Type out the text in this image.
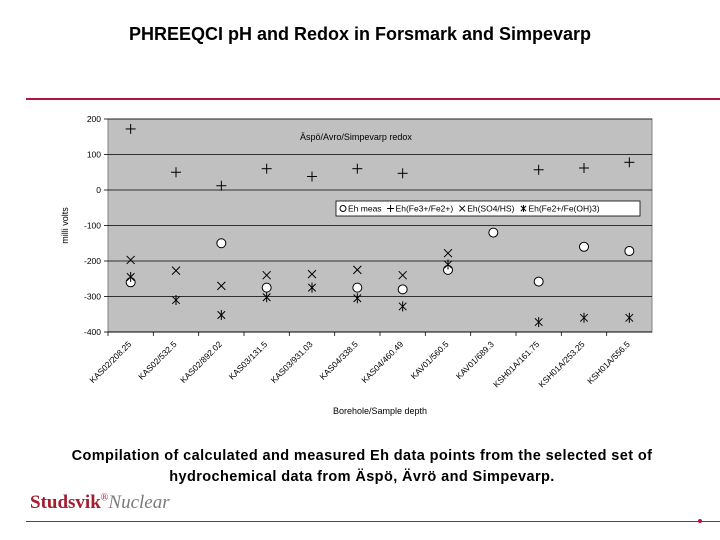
PHREEQCI pH and Redox in Forsmark and Simpevarp
200
100
0
-100
-200
-300
-400
KAS02/208.25 KAS02/532.5 KAS02/892.02 KAS03/131.5 KAS03/931.03 KAS04/338.5 KAS04/460.49 KAV01/560.5 KAV01/689.3
KSH01A/161.75
KSH01A/253.25
KSH01A/556.5
Äspö/Avro/Simpevarp redox
milli volts
Borehole/Sample depth
Eh meas Eh(Fe3+/Fe2+) Eh(SO4/HS) Eh(Fe2+/Fe(OH)3)
Compilation of calculated and measured Eh data points from the selected set of hydrochemical data from Äspö, Ävrö and Simpevarp.
Studsvik®Nuclear
